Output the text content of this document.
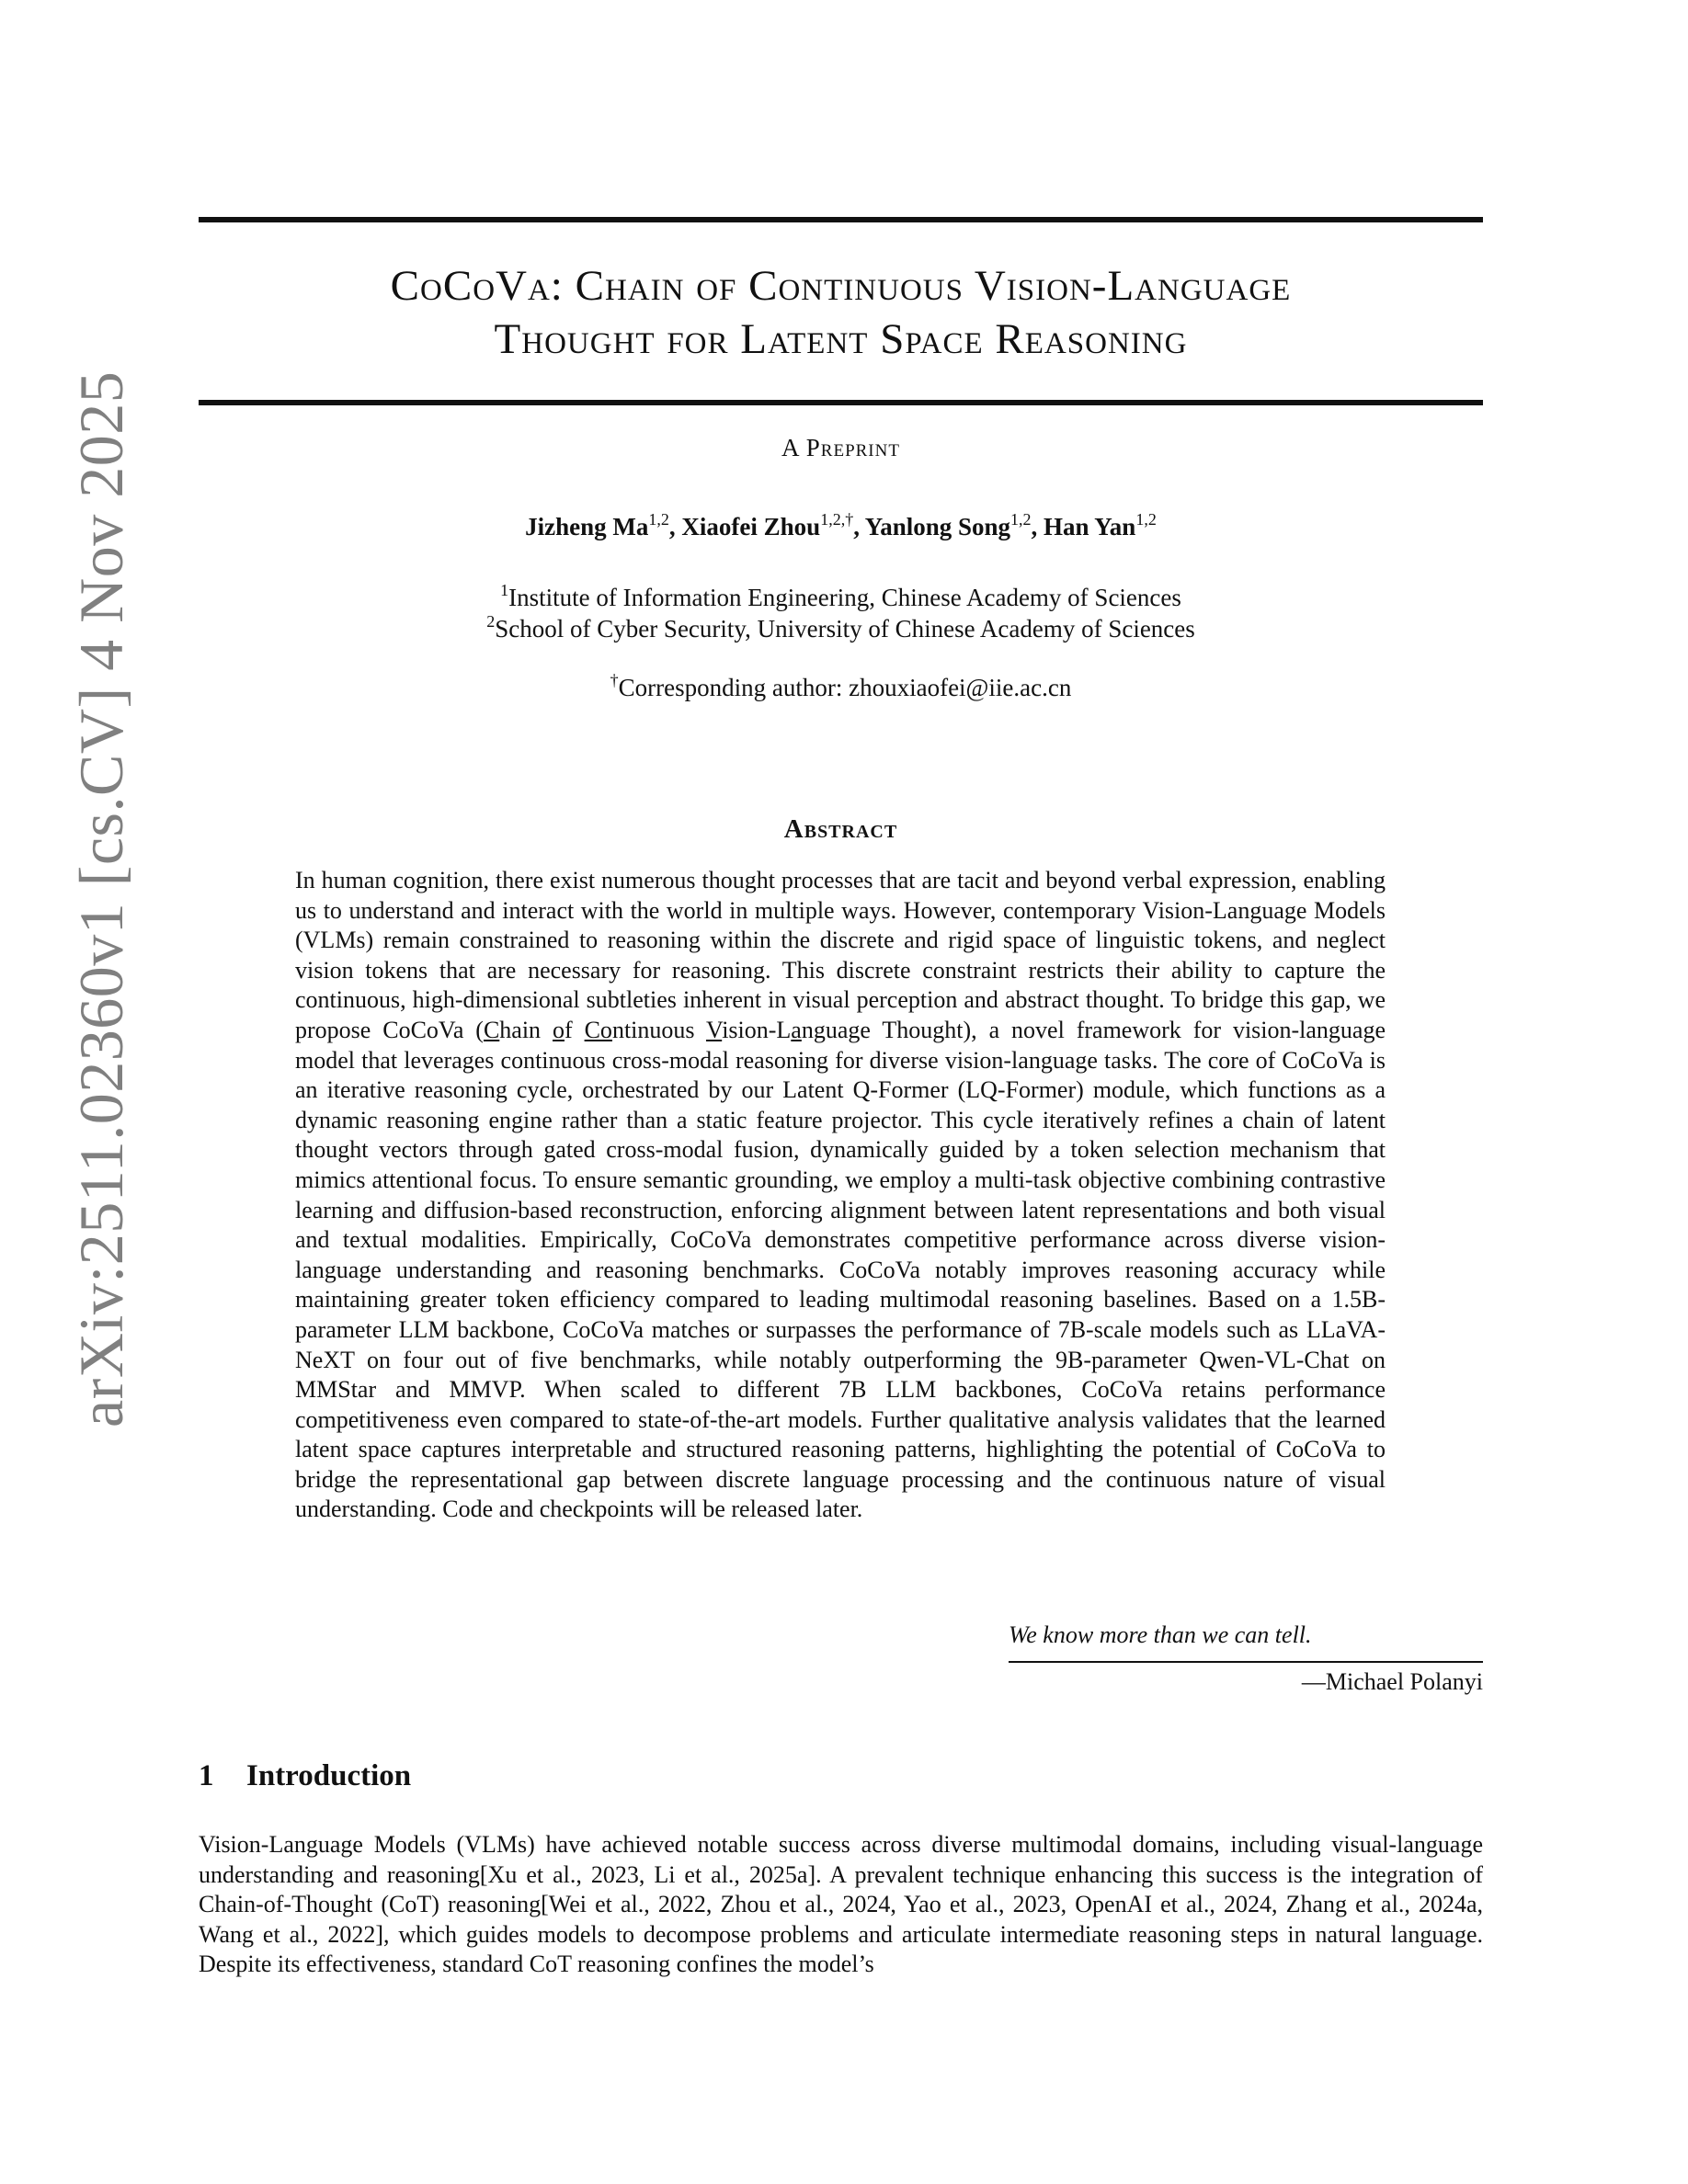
arXiv:2511.02360v1 [cs.CV] 4 Nov 2025
CoCoVa: Chain of Continuous Vision-Language
Thought for Latent Space Reasoning
A Preprint
Jizheng Ma$^{1,2}$, Xiaofei Zhou$^{1,2,\dagger}$, Yanlong Song$^{1,2}$, Han Yan$^{1,2}$
$^1$Institute of Information Engineering, Chinese Academy of Sciences
$^2$School of Cyber Security, University of Chinese Academy of Sciences
†Corresponding author: zhouxiaofei@iie.ac.cn
Abstract
In human cognition, there exist numerous thought processes that are tacit and beyond verbal expression, enabling us to understand and interact with the world in multiple ways. However, contemporary Vision-Language Models (VLMs) remain constrained to reasoning within the discrete and rigid space of linguistic tokens, and neglect vision tokens that are necessary for reasoning. This discrete constraint restricts their ability to capture the continuous, high-dimensional subtleties inherent in visual perception and abstract thought. To bridge this gap, we propose CoCoVa (Chain of Continuous Vision-Language Thought), a novel framework for vision-language model that leverages continuous cross-modal reasoning for diverse vision-language tasks. The core of CoCoVa is an iterative reasoning cycle, orchestrated by our Latent Q-Former (LQ-Former) module, which functions as a dynamic reasoning engine rather than a static feature projector. This cycle iteratively refines a chain of latent thought vectors through gated cross-modal fusion, dynamically guided by a token selection mechanism that mimics attentional focus. To ensure semantic grounding, we employ a multi-task objective combining contrastive learning and diffusion-based reconstruction, enforcing alignment between latent representations and both visual and textual modalities. Empirically, CoCoVa demonstrates competitive performance across diverse vision-language understanding and reasoning benchmarks. CoCoVa notably improves reasoning accuracy while maintaining greater token efficiency compared to leading multimodal reasoning baselines. Based on a 1.5B-parameter LLM backbone, CoCoVa matches or surpasses the performance of 7B-scale models such as LLaVA-NeXT on four out of five benchmarks, while notably outperforming the 9B-parameter Qwen-VL-Chat on MMStar and MMVP. When scaled to different 7B LLM backbones, CoCoVa retains performance competitiveness even compared to state-of-the-art models. Further qualitative analysis validates that the learned latent space captures interpretable and structured reasoning patterns, highlighting the potential of CoCoVa to bridge the representational gap between discrete language processing and the continuous nature of visual understanding. Code and checkpoints will be released later.
We know more than we can tell.
—Michael Polanyi
1 Introduction
Vision-Language Models (VLMs) have achieved notable success across diverse multimodal domains, including visual-language understanding and reasoning[Xu et al., 2023, Li et al., 2025a]. A prevalent technique enhancing this success is the integration of Chain-of-Thought (CoT) reasoning[Wei et al., 2022, Zhou et al., 2024, Yao et al., 2023, OpenAI et al., 2024, Zhang et al., 2024a, Wang et al., 2022], which guides models to decompose problems and articulate intermediate reasoning steps in natural language. Despite its effectiveness, standard CoT reasoning confines the model’s
